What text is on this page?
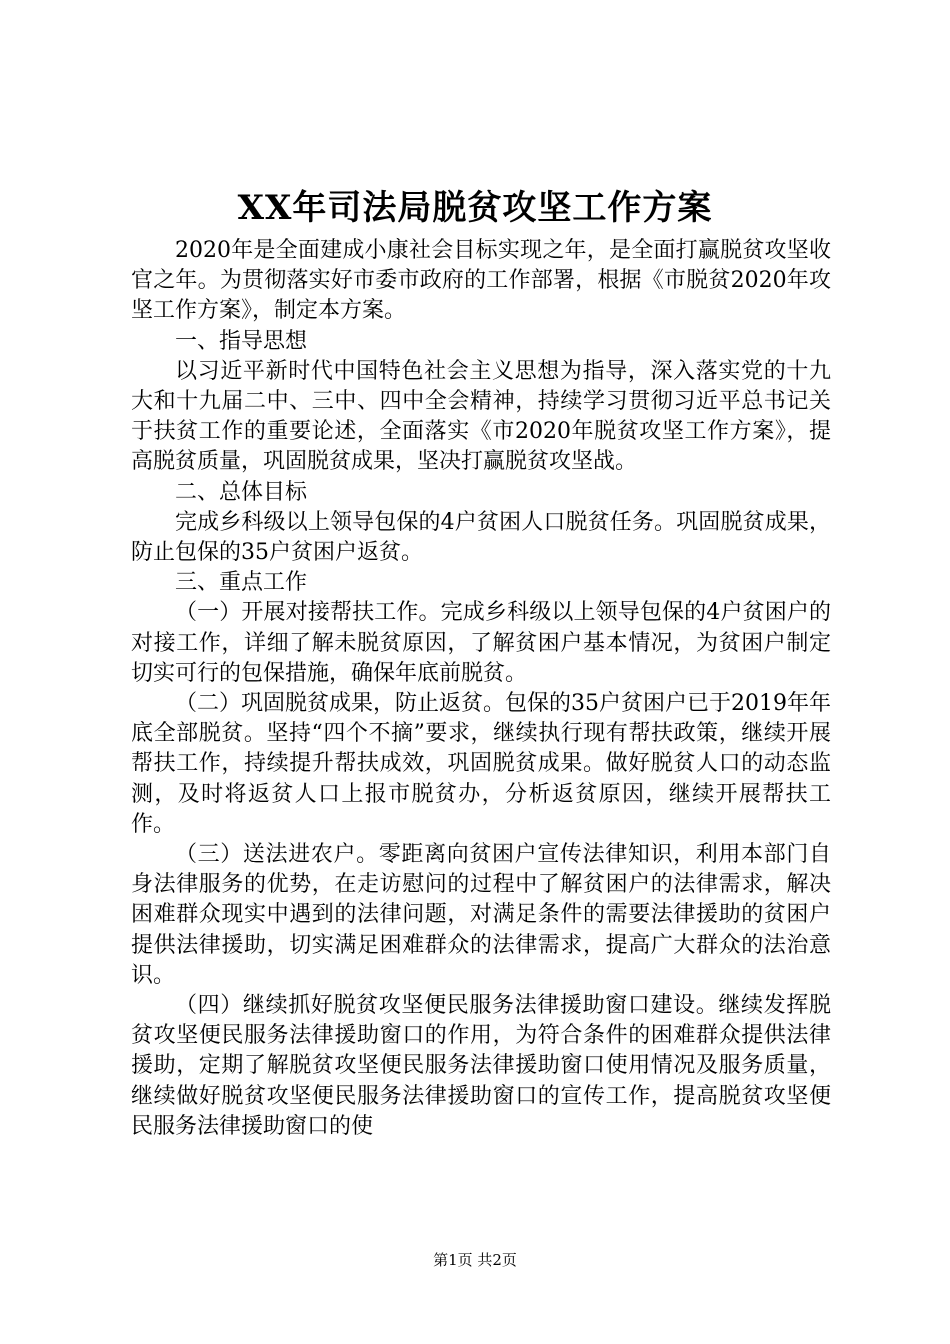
XX年司法局脱贫攻坚工作方案

2020年是全面建成小康社会目标实现之年，是全面打赢脱贫攻坚收官之年。为贯彻落实好市委市政府的工作部署，根据《市脱贫2020年攻坚工作方案》，制定本方案。

一、指导思想

以习近平新时代中国特色社会主义思想为指导，深入落实党的十九大和十九届二中、三中、四中全会精神，持续学习贯彻习近平总书记关于扶贫工作的重要论述，全面落实《市2020年脱贫攻坚工作方案》，提高脱贫质量，巩固脱贫成果，坚决打赢脱贫攻坚战。

二、总体目标

完成乡科级以上领导包保的4户贫困人口脱贫任务。巩固脱贫成果，防止包保的35户贫困户返贫。

三、重点工作

（一）开展对接帮扶工作。完成乡科级以上领导包保的4户贫困户的对接工作，详细了解未脱贫原因，了解贫困户基本情况，为贫困户制定切实可行的包保措施，确保年底前脱贫。

（二）巩固脱贫成果，防止返贫。包保的35户贫困户已于2019年年底全部脱贫。坚持“四个不摘”要求，继续执行现有帮扶政策，继续开展帮扶工作，持续提升帮扶成效，巩固脱贫成果。做好脱贫人口的动态监测，及时将返贫人口上报市脱贫办，分析返贫原因，继续开展帮扶工作。

（三）送法进农户。零距离向贫困户宣传法律知识，利用本部门自身法律服务的优势，在走访慰问的过程中了解贫困户的法律需求，解决困难群众现实中遇到的法律问题，对满足条件的需要法律援助的贫困户提供法律援助，切实满足困难群众的法律需求，提高广大群众的法治意识。

（四）继续抓好脱贫攻坚便民服务法律援助窗口建设。继续发挥脱贫攻坚便民服务法律援助窗口的作用，为符合条件的困难群众提供法律援助，定期了解脱贫攻坚便民服务法律援助窗口使用情况及服务质量，继续做好脱贫攻坚便民服务法律援助窗口的宣传工作，提高脱贫攻坚便民服务法律援助窗口的使

第1页 共2页
